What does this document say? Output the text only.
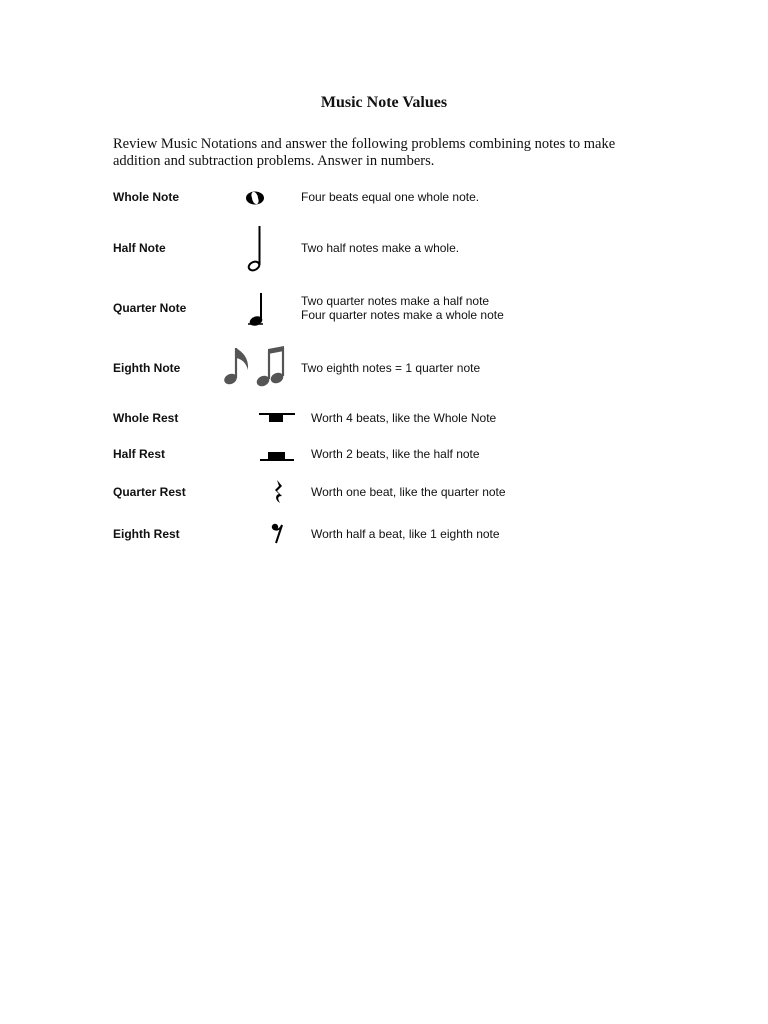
Music Note Values

Review Music Notations and answer the following problems combining notes to make

addition and subtraction problems. Answer in numbers.

Whole Note	Four beats equal one whole note.
Half Note	Two half notes make a whole.
Quarter Note	Two quarter notes make a half note
Four quarter notes make a whole note
Eighth Note	Two eighth notes = 1 quarter note
Whole Rest	Worth 4 beats, like the Whole Note
Half Rest	Worth 2 beats, like the half note
Quarter Rest	Worth one beat, like the quarter note
Eighth Rest	Worth half a beat, like 1 eighth note
